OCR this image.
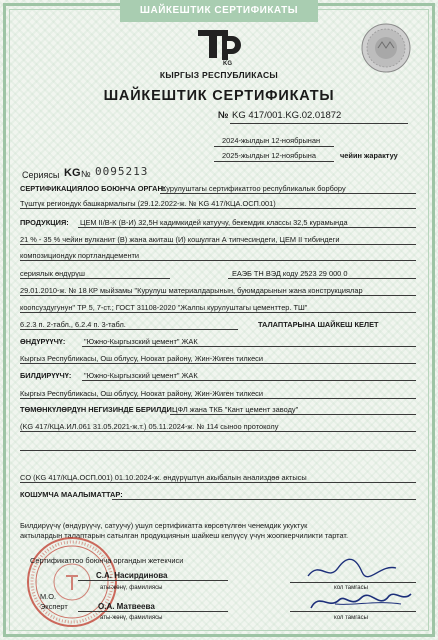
ШАЙКЕШТИК СЕРТИФИКАТЫ
KG
КЫРГЫЗ РЕСПУБЛИКАСЫ
ШАЙКЕШТИК СЕРТИФИКАТЫ
№ KG 417/001.KG.02.01872
2024-жылдын 12-ноябрынан
2025-жылдын 12-ноябрына	чейин жарактуу
Сериясы KG № 0095213
СЕРТИФИКАЦИЯЛОО БОЮНЧА ОРГАН:
Курулуштагы сертификаттоо республикалык борбору
Түштүк региондук башкармалыгы (29.12.2022-ж. № KG 417/КЦА.ОСП.001)
ПРОДУКЦИЯ: ЦЕМ II/В-К (В-И) 32,5Н кадимкидей катуучу, бекемдик классы 32,5 курамында
21 % - 35 % чейин вулканит (В) жана акиташ (И) кошулган А типчесиндеги, ЦЕМ II тибиндеги
композициондук портландцементи
сериялык өндүрүш	ЕАЭБ ТН ВЭД коду 2523 29 000 0
29.01.2010-ж. № 18 КР мыйзамы "Курулуш материалдарынын, буюмдарынын жана конструкциялар
коопсуздугунун" ТР 5, 7-ст.; ГОСТ 31108-2020 "Жалпы курулуштагы цементтер. ТШ"
6.2.3 п. 2-табл., 6.2.4 п. 3-табл.	ТАЛАПТАРЫНА ШАЙКЕШ КЕЛЕТ
ӨНДҮРҮҮЧҮ:	"Южно-Кыргызский цемент" ЖАК
Кыргыз Республикасы, Ош облусу, Ноокат району, Жин-Жиген тилкеси
БИЛДИРҮҮЧҮ: "Южно-Кыргызский цемент" ЖАК
Кыргыз Республикасы, Ош облусу, Ноокат району, Жин-Жиген тилкеси
ТӨМӨНКҮЛӨРДҮН НЕГИЗИНДЕ БЕРИЛДИ:
ЦФЛ жана ТКБ "Кант цемент заводу"
(KG 417/КЦА.ИЛ.061 31.05.2021-ж.т.) 05.11.2024-ж. № 114 сыноо протоколу
CO (KG 417/КЦА.ОСП.001) 01.10.2024-ж. өндүрүштүн акыбалын анализдөө актысы
КОШУМЧА МААЛЫМАТТАР:
Билдирүүчү (өндүрүүчү, сатуучу) ушул сертификатта көрсөтүлгөн ченемдик укуктук
актылардын талаптарын сатылган продукциянын шайкеш келүүсү үчүн жоопкерчиликти тартат.
Сертификаттоо боюнча органдын жетекчиси
С.А. Насирдинова
аты-жөнү, фамилиясы	кол тамгасы
М.О.
Эксперт	О.А. Матвеева
аты-жөнү, фамилиясы	кол тамгасы
